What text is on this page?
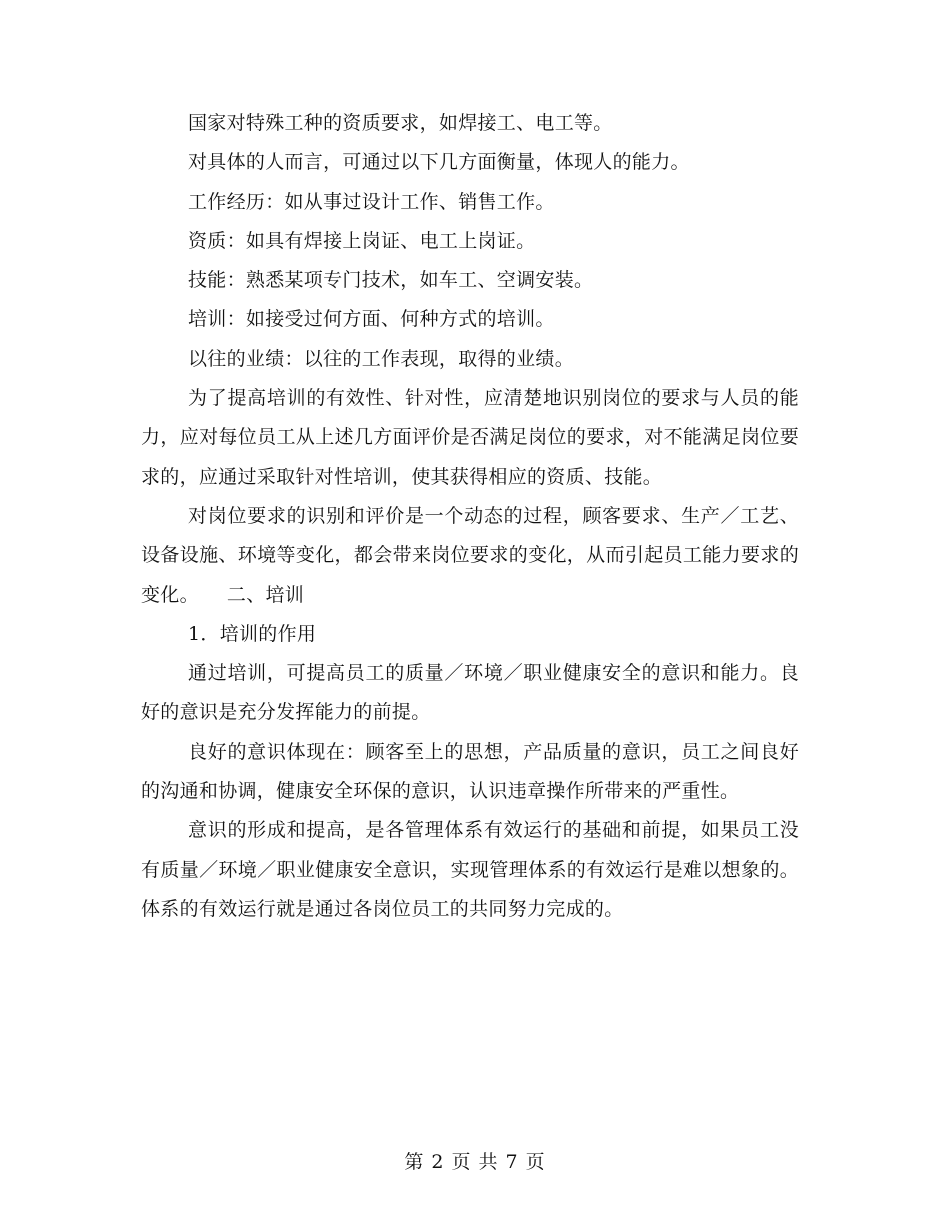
国家对特殊工种的资质要求，如焊接工、电工等。

对具体的人而言，可通过以下几方面衡量，体现人的能力。

工作经历：如从事过设计工作、销售工作。

资质：如具有焊接上岗证、电工上岗证。

技能：熟悉某项专门技术，如车工、空调安装。

培训：如接受过何方面、何种方式的培训。

以往的业绩：以往的工作表现，取得的业绩。

为了提高培训的有效性、针对性，应清楚地识别岗位的要求与人员的能力，应对每位员工从上述几方面评价是否满足岗位的要求，对不能满足岗位要求的，应通过采取针对性培训，使其获得相应的资质、技能。

对岗位要求的识别和评价是一个动态的过程，顾客要求、生产／工艺、设备设施、环境等变化，都会带来岗位要求的变化，从而引起员工能力要求的变化。 二、培训

1．培训的作用

通过培训，可提高员工的质量／环境／职业健康安全的意识和能力。良好的意识是充分发挥能力的前提。

良好的意识体现在：顾客至上的思想，产品质量的意识，员工之间良好的沟通和协调，健康安全环保的意识，认识违章操作所带来的严重性。

意识的形成和提高，是各管理体系有效运行的基础和前提，如果员工没有质量／环境／职业健康安全意识，实现管理体系的有效运行是难以想象的。体系的有效运行就是通过各岗位员工的共同努力完成的。

第 2 页 共 7 页
